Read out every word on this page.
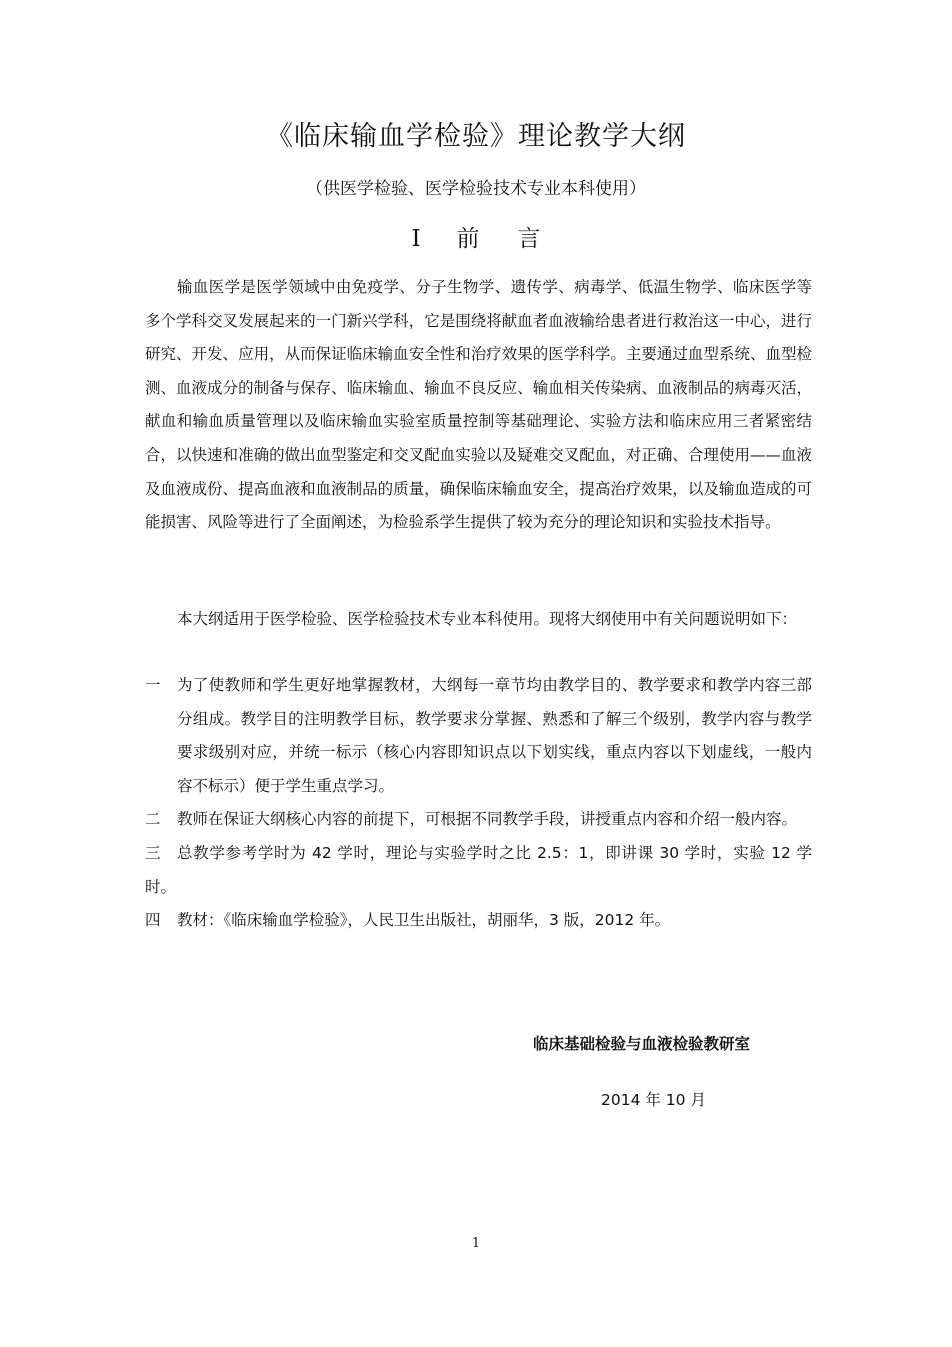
《临床输血学检验》理论教学大纲
（供医学检验、医学检验技术专业本科使用）
Ⅰ 前 言
输血医学是医学领域中由免疫学、分子生物学、遗传学、病毒学、低温生物学、临床医学等多个学科交叉发展起来的一门新兴学科，它是围绕将献血者血液输给患者进行救治这一中心，进行研究、开发、应用，从而保证临床输血安全性和治疗效果的医学科学。主要通过血型系统、血型检测、血液成分的制备与保存、临床输血、输血不良反应、输血相关传染病、血液制品的病毒灭活，献血和输血质量管理以及临床输血实验室质量控制等基础理论、实验方法和临床应用三者紧密结合，以快速和准确的做出血型鉴定和交叉配血实验以及疑难交叉配血，对正确、合理使用——血液及血液成份、提高血液和血液制品的质量，确保临床输血安全，提高治疗效果，以及输血造成的可能损害、风险等进行了全面阐述，为检验系学生提供了较为充分的理论知识和实验技术指导。
本大纲适用于医学检验、医学检验技术专业本科使用。现将大纲使用中有关问题说明如下：
一	为了使教师和学生更好地掌握教材，大纲每一章节均由教学目的、教学要求和教学内容三部分组成。教学目的注明教学目标，教学要求分掌握、熟悉和了解三个级别，教学内容与教学要求级别对应，并统一标示（核心内容即知识点以下划实线，重点内容以下划虚线，一般内容不标示）便于学生重点学习。
二	教师在保证大纲核心内容的前提下，可根据不同教学手段，讲授重点内容和介绍一般内容。
三	总教学参考学时为 42 学时，理论与实验学时之比 2.5：1，即讲课 30 学时，实验 12 学时。
四	教材：《临床输血学检验》，人民卫生出版社，胡丽华，3 版，2012 年。
临床基础检验与血液检验教研室
2014 年 10 月
1
